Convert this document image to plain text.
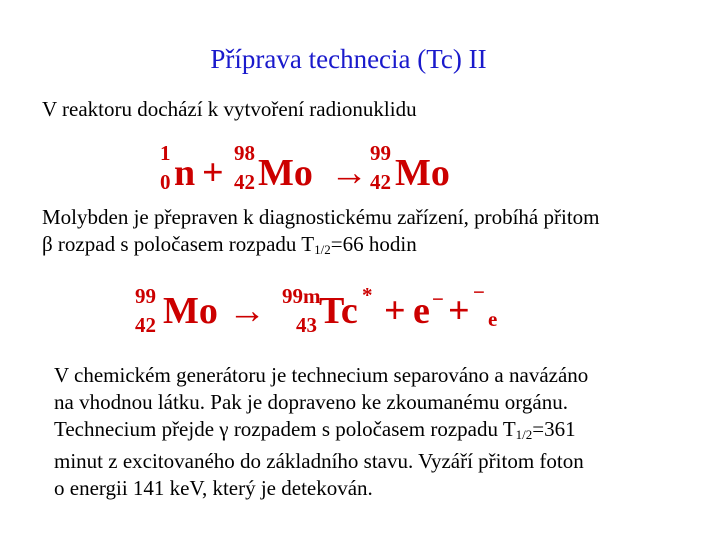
Příprava technecia (Tc) II
V reaktoru dochází k vytvoření radionuklidu
1
0 n + 98
42 Mo → 99
42 Mo
Molybden je přepraven k diagnostickému zařízení, probíhá přitom
β rozpad s poločasem rozpadu $T_{1/2}=66$ hodin
99
42 Mo → 99m
43 Tc * + e − + −
e
V chemickém generátoru je technecium separováno a navázáno
na vhodnou látku. Pak je dopraveno ke zkoumanému orgánu.
Technecium přejde γ rozpadem s poločasem rozpadu $T_{1/2}=361$
minut z excitovaného do základního stavu. Vyzáří přitom foton
o energii 141 keV, který je detekován.
